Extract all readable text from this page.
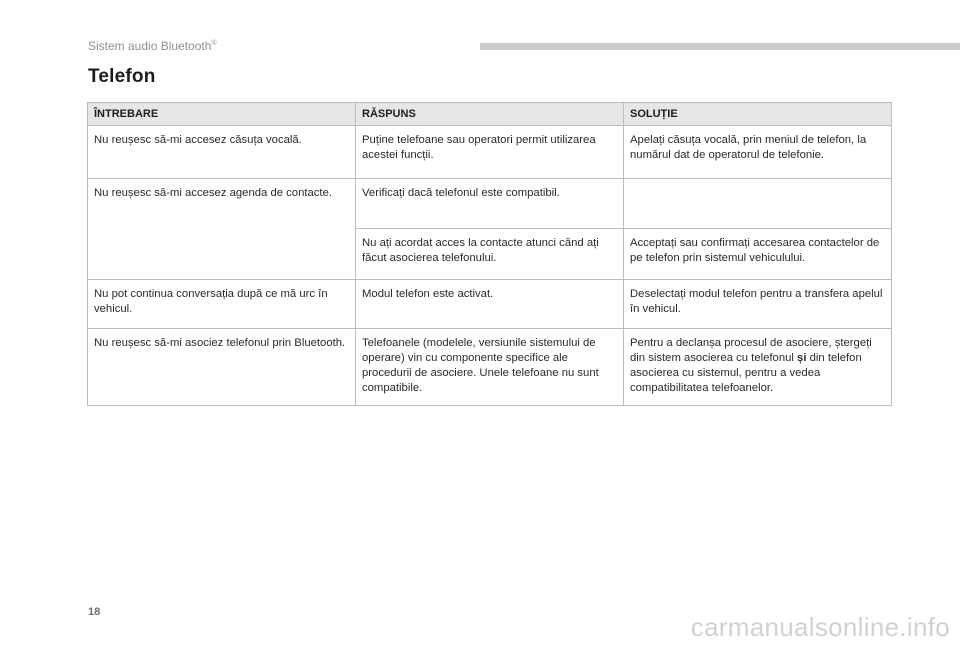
Sistem audio Bluetooth®
Telefon
ÎNTREBARE	RĂSPUNS	SOLUȚIE
Nu reușesc să-mi accesez căsuța vocală.	Puține telefoane sau operatori permit utilizarea acestei funcții.	Apelați căsuța vocală, prin meniul de telefon, la numărul dat de operatorul de telefonie.
Nu reușesc să-mi accesez agenda de contacte.	Verificați dacă telefonul este compatibil.	
	Nu ați acordat acces la contacte atunci când ați făcut asocierea telefonului.	Acceptați sau confirmați accesarea contactelor de pe telefon prin sistemul vehiculului.
Nu pot continua conversația după ce mă urc în vehicul.	Modul telefon este activat.	Deselectați modul telefon pentru a transfera apelul în vehicul.
Nu reușesc să-mi asociez telefonul prin Bluetooth.	Telefoanele (modelele, versiunile sistemului de operare) vin cu componente specifice ale procedurii de asociere. Unele telefoane nu sunt compatibile.	Pentru a declanșa procesul de asociere, ștergeți din sistem asocierea cu telefonul și din telefon asocierea cu sistemul, pentru a vedea compatibilitatea telefoanelor.
18	carmanualsonline.info
